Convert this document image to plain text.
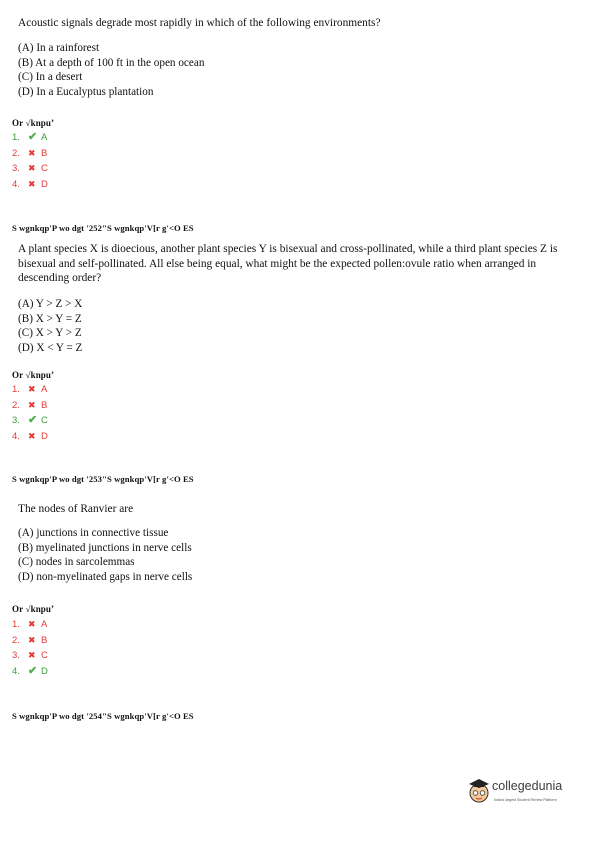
Acoustic signals degrade most rapidly in which of the following environments?

(A) In a rainforest
(B) At a depth of 100 ft in the open ocean
(C) In a desert
(D) In a Eucalyptus plantation
Or √knpu’
1. ✔ A
2. ✖ B
3. ✖ C
4. ✖ D
S wgnkqp'P wo dgt '252"S wgnkqp'V[r g'<O ES

A plant species X is dioecious, another plant species Y is bisexual and cross-pollinated, while a third plant species Z is bisexual and self-pollinated. All else being equal, what might be the expected pollen:ovule ratio when arranged in descending order?

(A) Y > Z > X
(B) X > Y = Z
(C) X > Y > Z
(D) X < Y = Z
Or √knpu’
1. ✖ A
2. ✖ B
3. ✔ C
4. ✖ D
S wgnkqp'P wo dgt '253"S wgnkqp'V[r g'<O ES

The nodes of Ranvier are

(A) junctions in connective tissue
(B) myelinated junctions in nerve cells
(C) nodes in sarcolemmas
(D) non-myelinated gaps in nerve cells
Or √knpu’
1. ✖ A
2. ✖ B
3. ✖ C
4. ✔ D
S wgnkqp'P wo dgt '254"S wgnkqp'V[r g'<O ES
collegedunia
India's largest Student Review Platform
